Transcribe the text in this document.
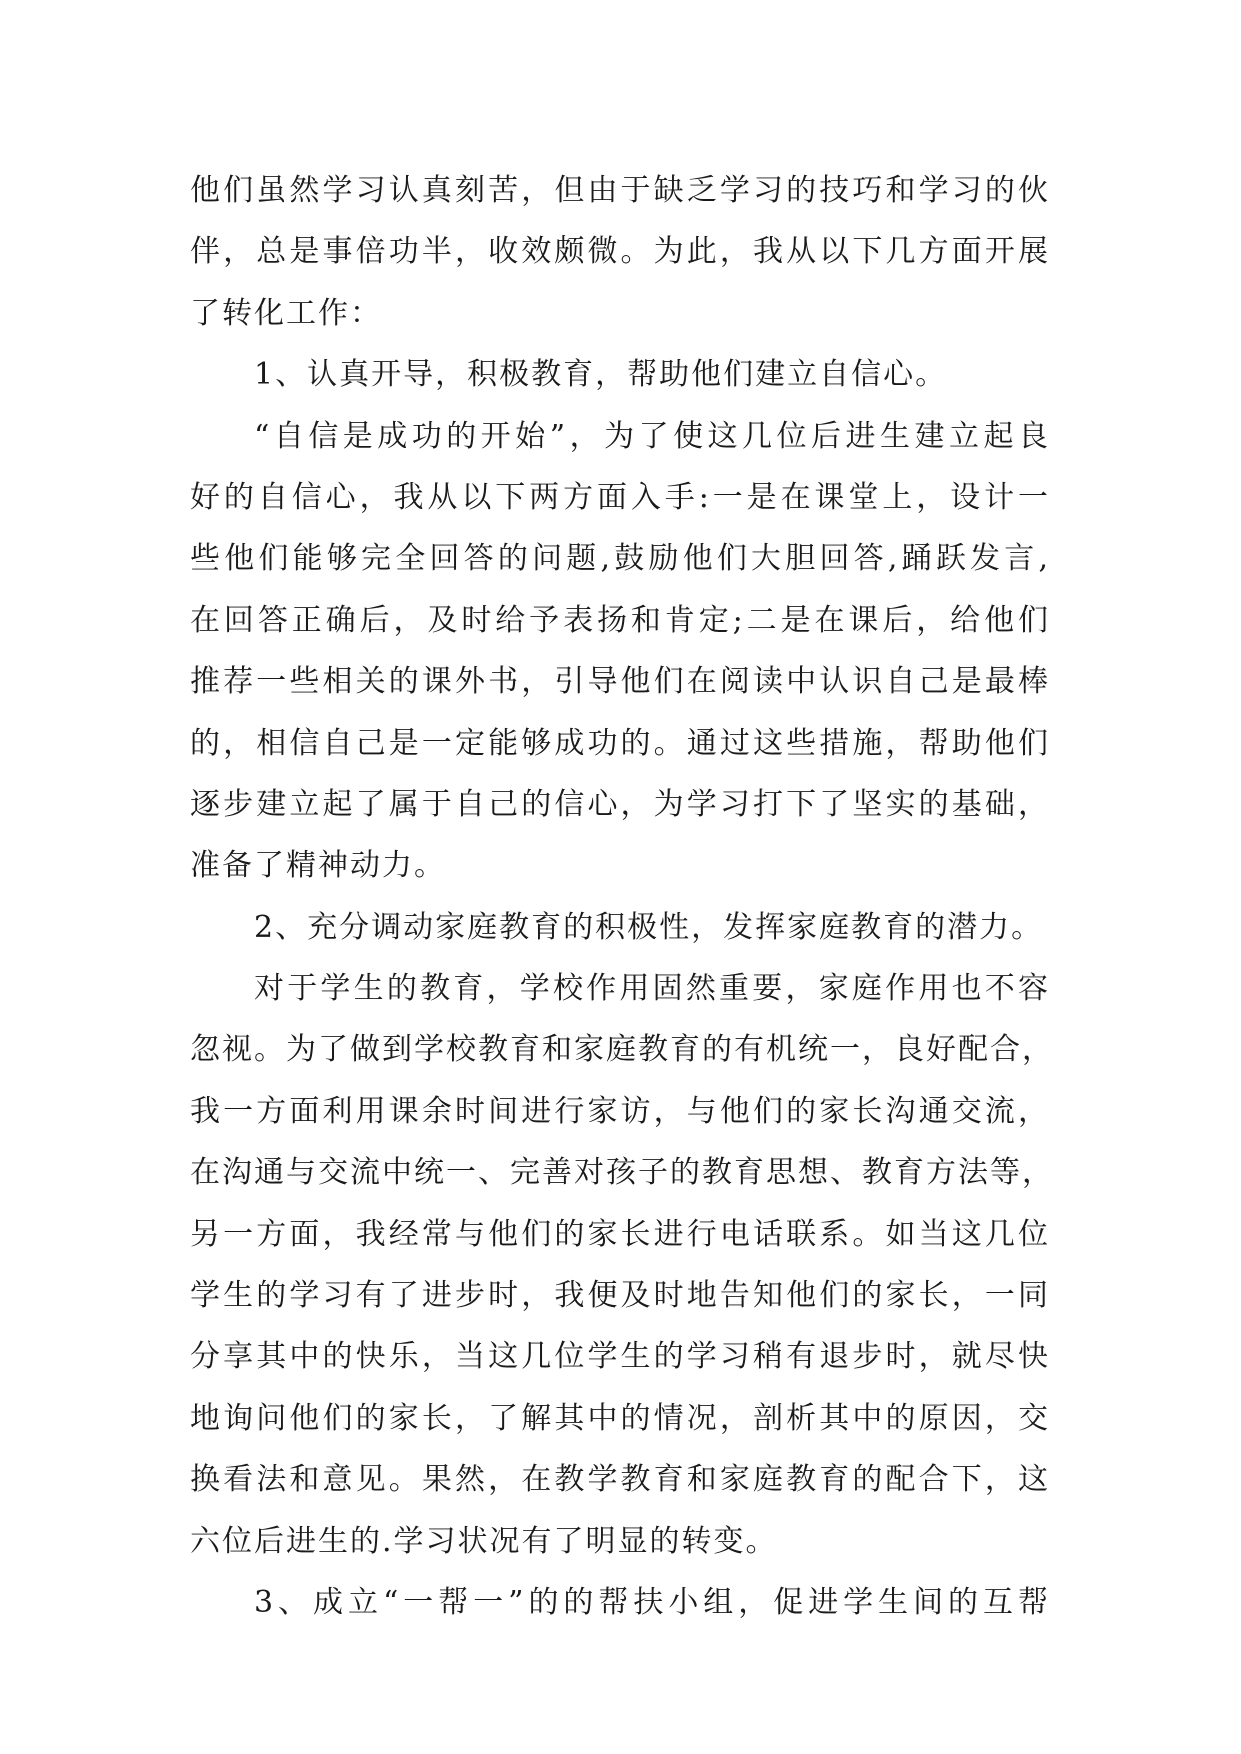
他们虽然学习认真刻苦，但由于缺乏学习的技巧和学习的伙
伴，总是事倍功半，收效颇微。为此，我从以下几方面开展
了转化工作：
1、认真开导，积极教育，帮助他们建立自信心。
“自信是成功的开始”，为了使这几位后进生建立起良
好的自信心，我从以下两方面入手:一是在课堂上，设计一
些他们能够完全回答的问题,鼓励他们大胆回答,踊跃发言,
在回答正确后，及时给予表扬和肯定;二是在课后，给他们
推荐一些相关的课外书，引导他们在阅读中认识自己是最棒
的，相信自己是一定能够成功的。通过这些措施，帮助他们
逐步建立起了属于自己的信心，为学习打下了坚实的基础，
准备了精神动力。
2、充分调动家庭教育的积极性，发挥家庭教育的潜力。
对于学生的教育，学校作用固然重要，家庭作用也不容
忽视。为了做到学校教育和家庭教育的有机统一，良好配合，
我一方面利用课余时间进行家访，与他们的家长沟通交流，
在沟通与交流中统一、完善对孩子的教育思想、教育方法等，
另一方面，我经常与他们的家长进行电话联系。如当这几位
学生的学习有了进步时，我便及时地告知他们的家长，一同
分享其中的快乐，当这几位学生的学习稍有退步时，就尽快
地询问他们的家长，了解其中的情况，剖析其中的原因，交
换看法和意见。果然，在教学教育和家庭教育的配合下，这
六位后进生的.学习状况有了明显的转变。
3、成立“一帮一”的的帮扶小组，促进学生间的互帮
